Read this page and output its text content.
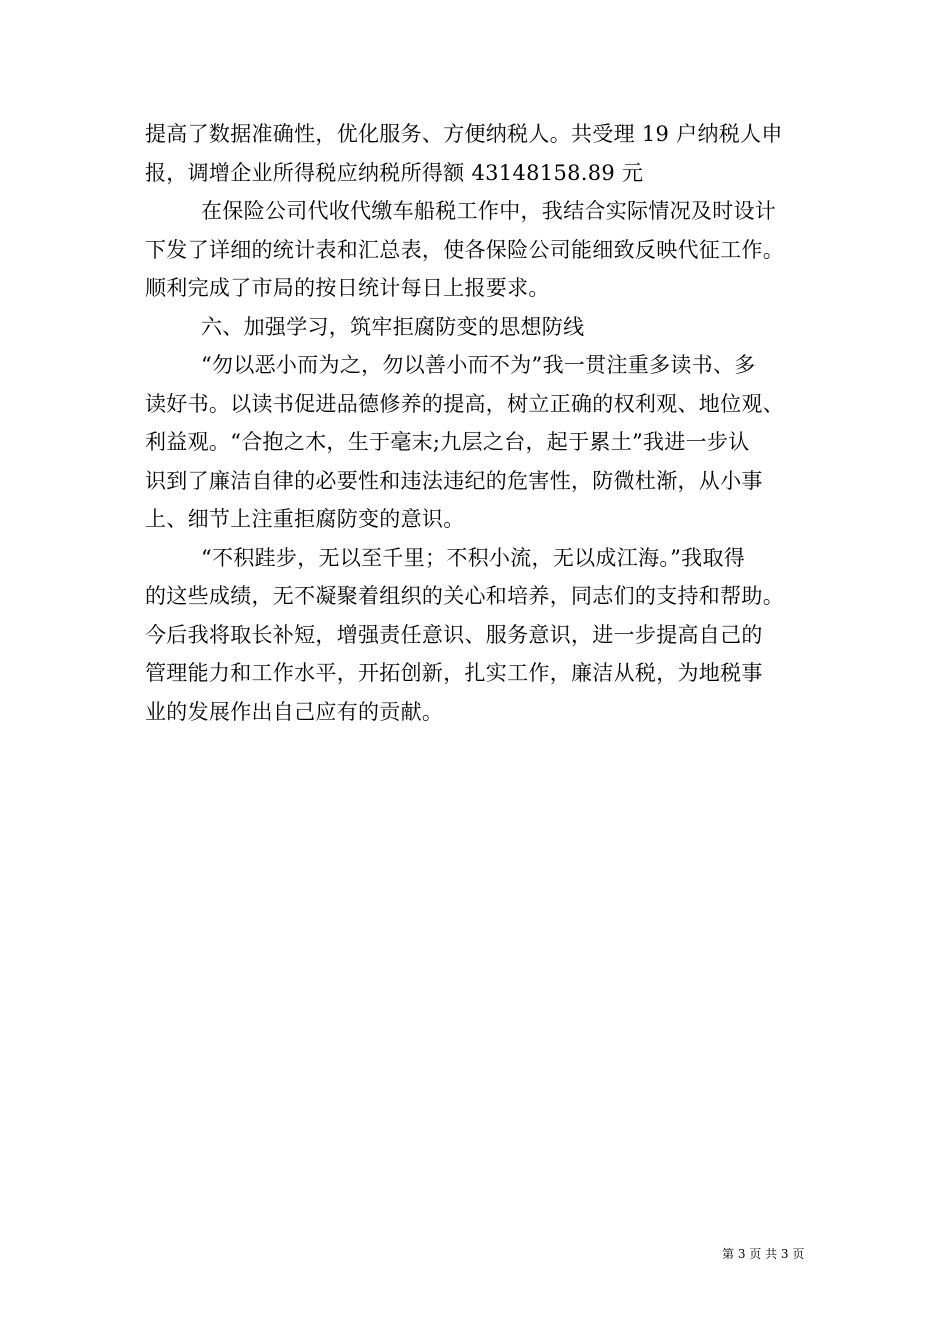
提高了数据准确性，优化服务、方便纳税人。共受理 19 户纳税人申
报，调增企业所得税应纳税所得额 43148158.89 元
在保险公司代收代缴车船税工作中，我结合实际情况及时设计
下发了详细的统计表和汇总表，使各保险公司能细致反映代征工作。
顺利完成了市局的按日统计每日上报要求。
六、加强学习，筑牢拒腐防变的思想防线
“勿以恶小而为之，勿以善小而不为”我一贯注重多读书、多
读好书。以读书促进品德修养的提高，树立正确的权利观、地位观、
利益观。“合抱之木，生于毫末;九层之台，起于累土”我进一步认
识到了廉洁自律的必要性和违法违纪的危害性，防微杜渐，从小事
上、细节上注重拒腐防变的意识。
“不积跬步，无以至千里；不积小流，无以成江海。”我取得
的这些成绩，无不凝聚着组织的关心和培养，同志们的支持和帮助。
今后我将取长补短，增强责任意识、服务意识，进一步提高自己的
管理能力和工作水平，开拓创新，扎实工作，廉洁从税，为地税事
业的发展作出自己应有的贡献。
第 3 页 共 3 页
